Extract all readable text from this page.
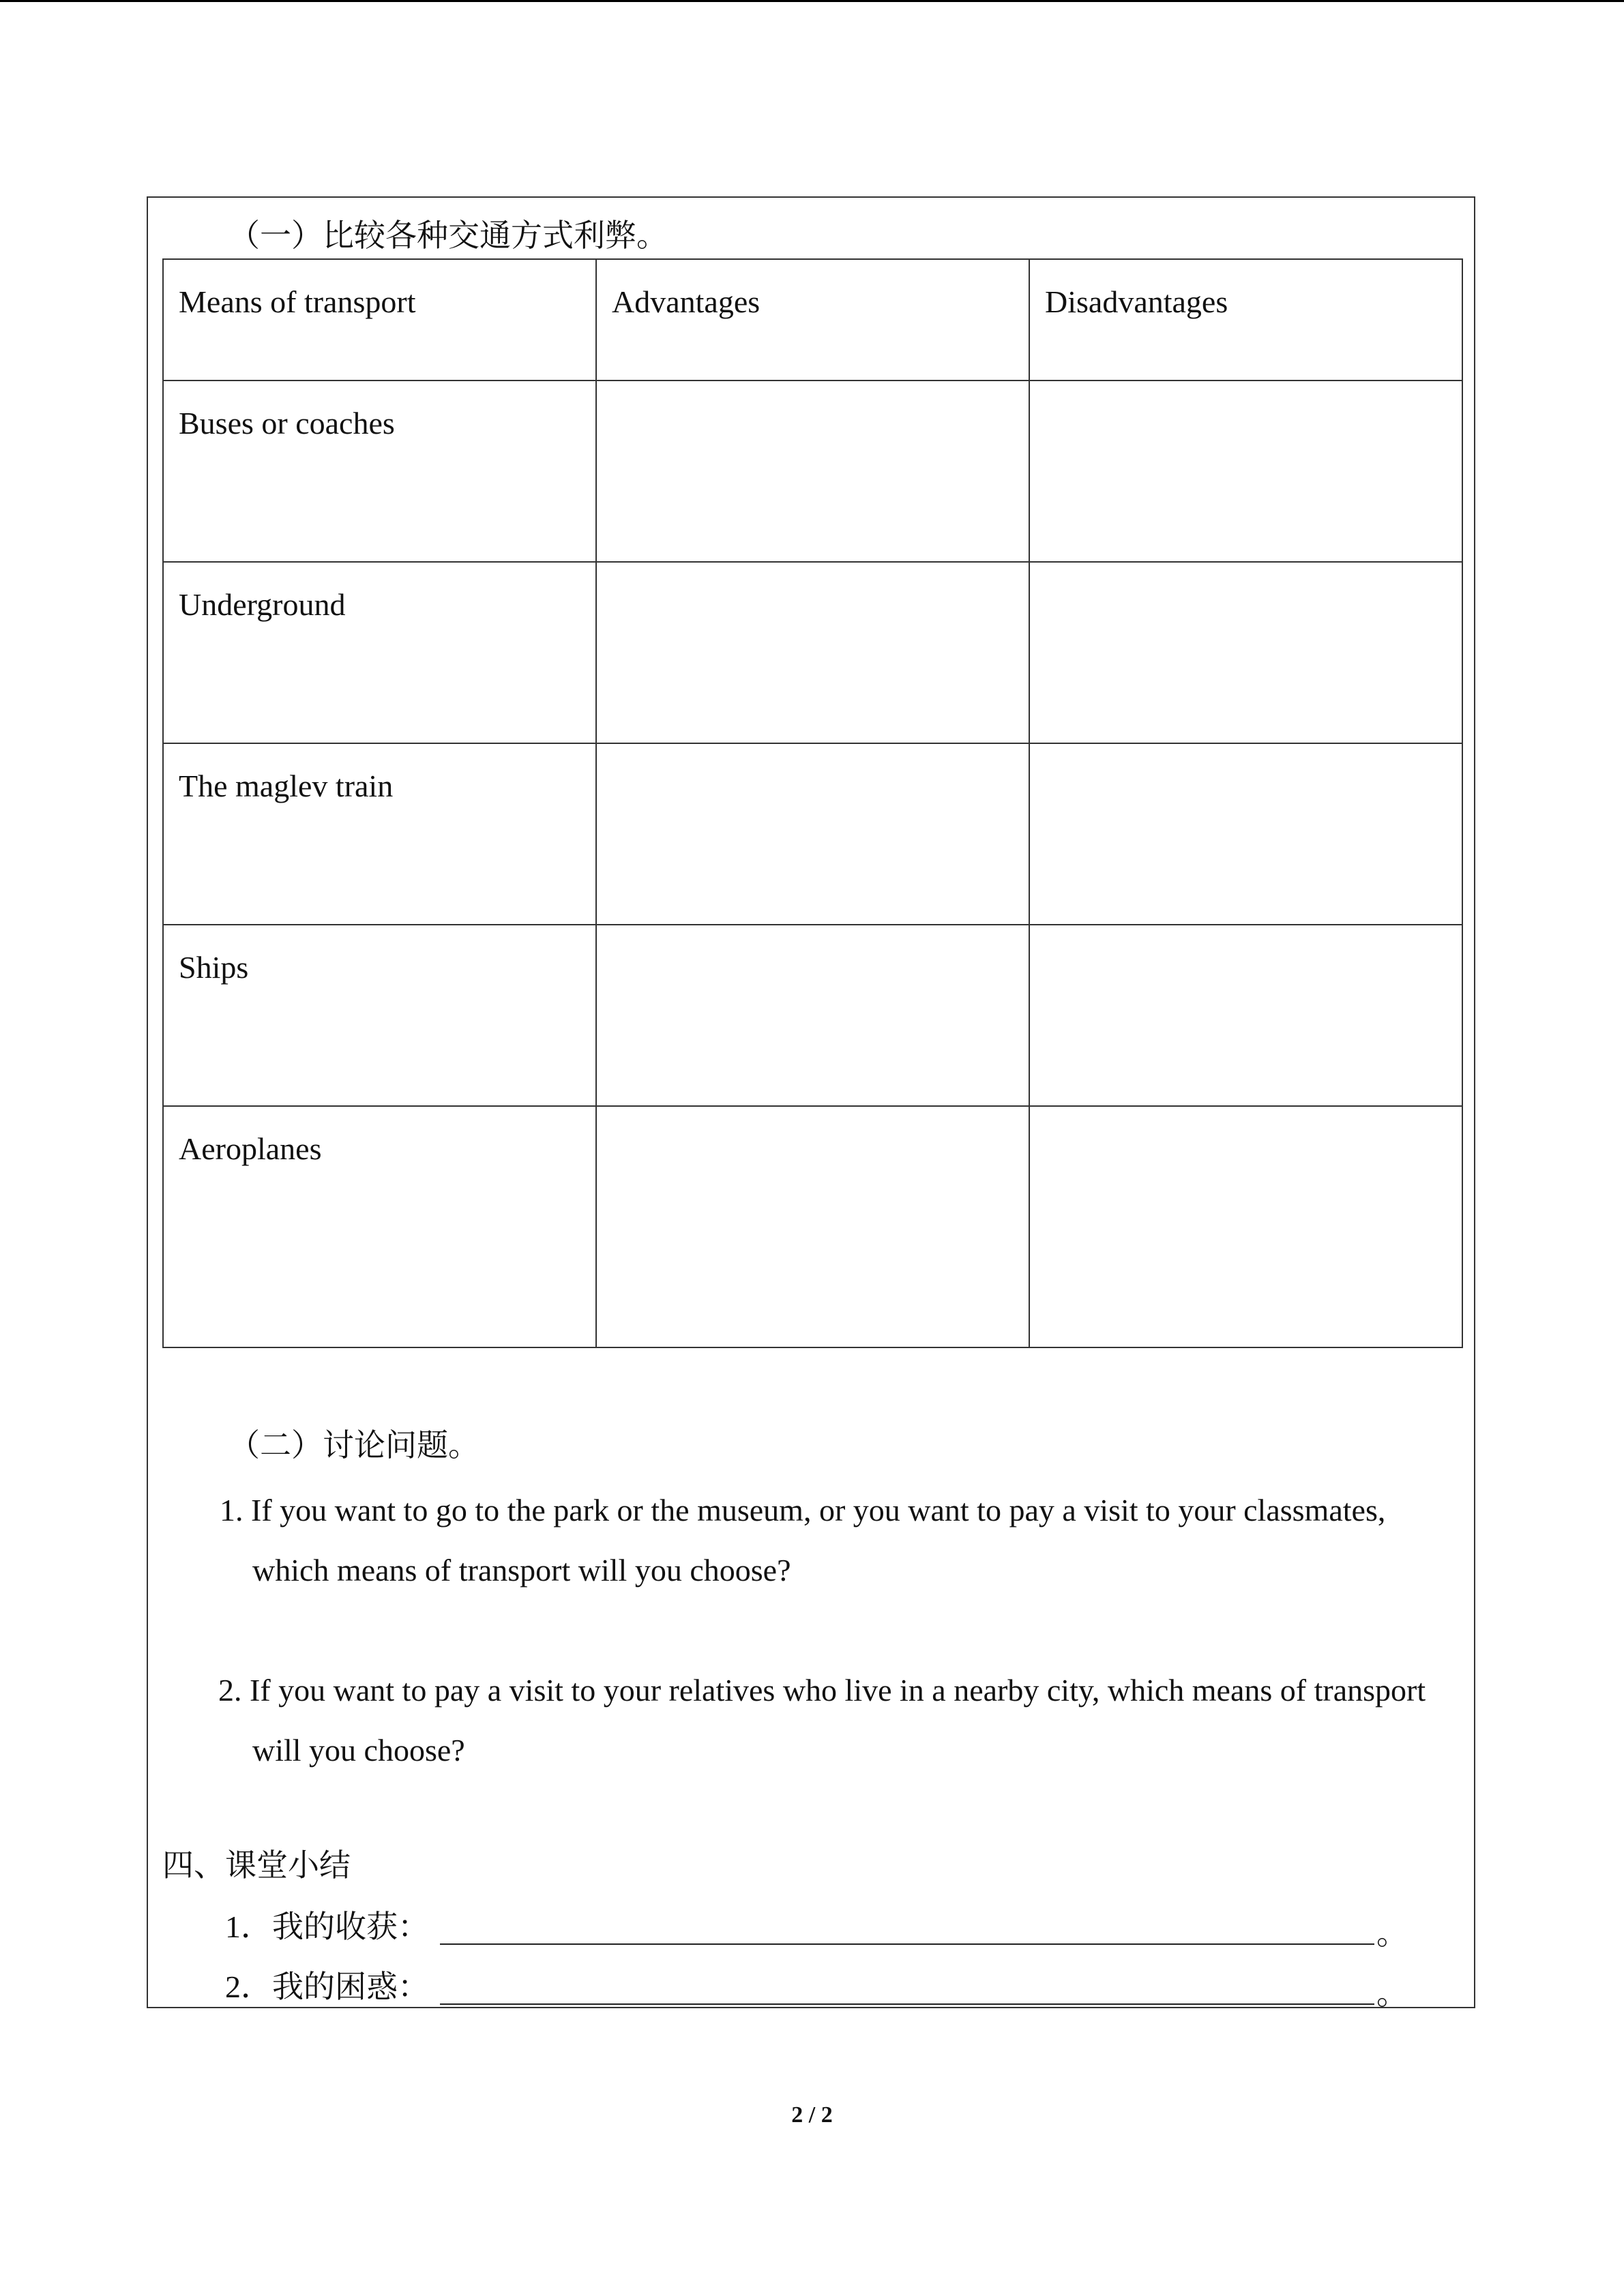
（一）比较各种交通方式利弊。
Means of transport	Advantages	Disadvantages
Buses or coaches		
Underground		
The maglev train		
Ships		
Aeroplanes		
（二）讨论问题。
1. If you want to go to the park or the museum, or you want to pay a visit to your classmates,
which means of transport will you choose?
2. If you want to pay a visit to your relatives who live in a nearby city, which means of transport
will you choose?
四、课堂小结
1．我的收获：	。
2．我的困惑：	。
2 / 2
